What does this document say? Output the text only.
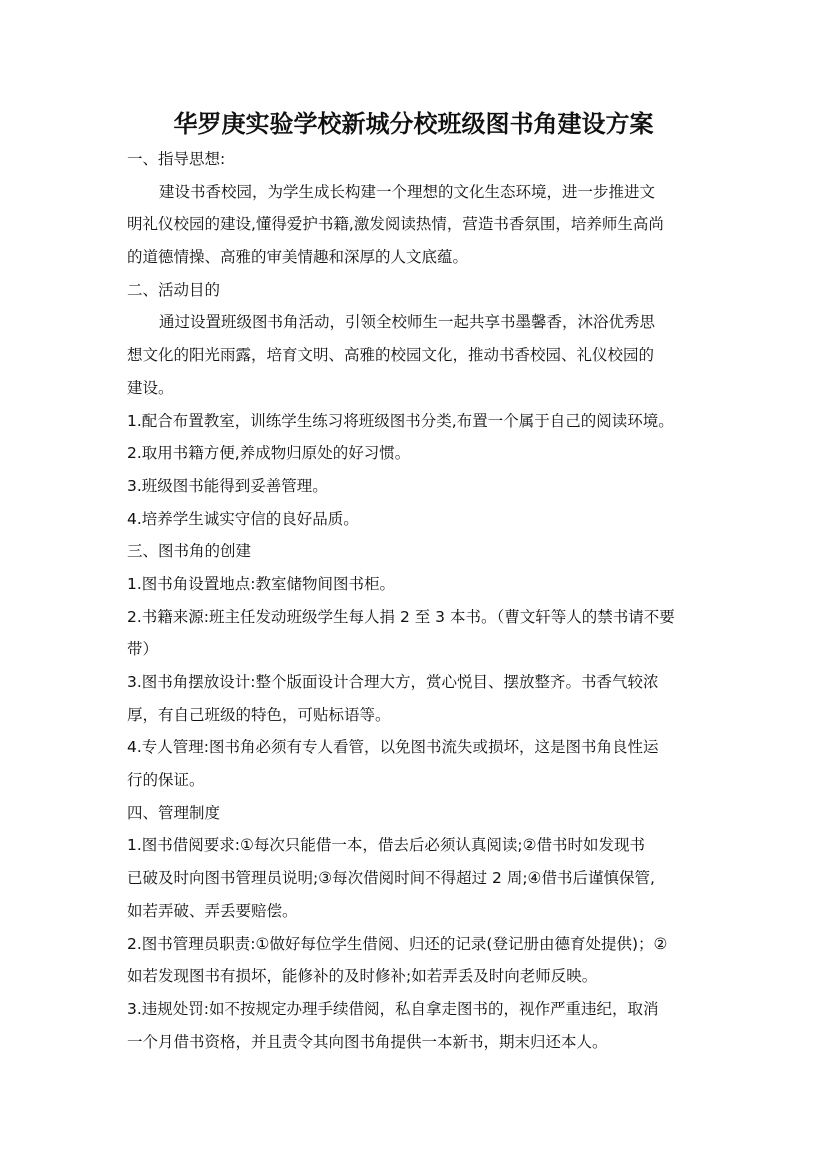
华罗庚实验学校新城分校班级图书角建设方案
一、指导思想:
建设书香校园，为学生成长构建一个理想的文化生态环境，进一步推进文
明礼仪校园的建设,懂得爱护书籍,激发阅读热情，营造书香氛围，培养师生高尚
的道德情操、高雅的审美情趣和深厚的人文底蕴。
二、活动目的
通过设置班级图书角活动，引领全校师生一起共享书墨馨香，沐浴优秀思
想文化的阳光雨露，培育文明、高雅的校园文化，推动书香校园、礼仪校园的
建设。
1.配合布置教室，训练学生练习将班级图书分类,布置一个属于自己的阅读环境。
2.取用书籍方便,养成物归原处的好习惯。
3.班级图书能得到妥善管理。
4.培养学生诚实守信的良好品质。
三、图书角的创建
1.图书角设置地点:教室储物间图书柜。
2.书籍来源:班主任发动班级学生每人捐 2 至 3 本书。（曹文轩等人的禁书请不要
带）
3.图书角摆放设计:整个版面设计合理大方，赏心悦目、摆放整齐。书香气较浓
厚，有自己班级的特色，可贴标语等。
4.专人管理:图书角必须有专人看管，以免图书流失或损坏，这是图书角良性运
行的保证。
四、管理制度
1.图书借阅要求:①每次只能借一本，借去后必须认真阅读;②借书时如发现书
已破及时向图书管理员说明;③每次借阅时间不得超过 2 周;④借书后谨慎保管,
如若弄破、弄丢要赔偿。
2.图书管理员职责:①做好每位学生借阅、归还的记录(登记册由德育处提供)；②
如若发现图书有损坏，能修补的及时修补;如若弄丢及时向老师反映。
3.违规处罚:如不按规定办理手续借阅，私自拿走图书的，视作严重违纪，取消
一个月借书资格，并且责令其向图书角提供一本新书，期末归还本人。
